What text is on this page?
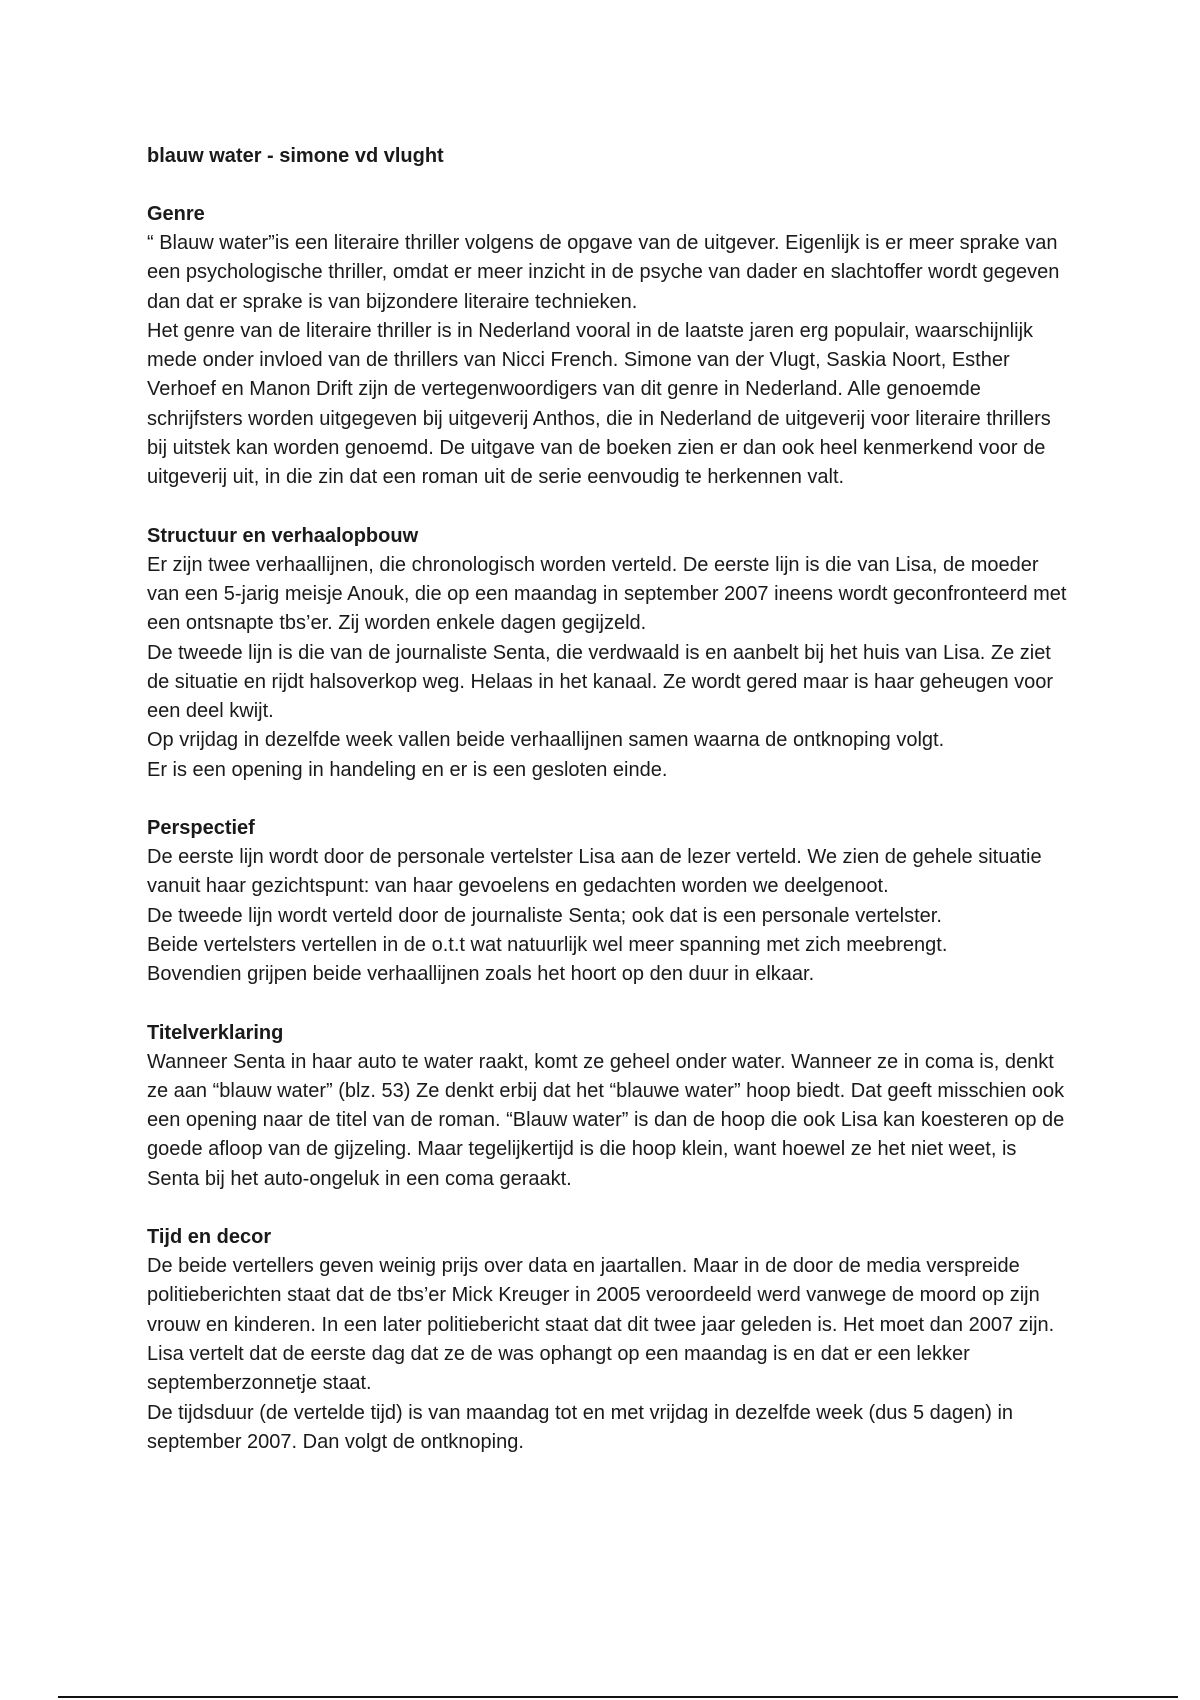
blauw water - simone vd vlught
Genre

“ Blauw water”is een literaire thriller volgens de opgave van de uitgever. Eigenlijk is er meer sprake van een psychologische thriller, omdat er meer inzicht in de psyche van dader en slachtoffer wordt gegeven dan dat er sprake is van bijzondere literaire technieken.

Het genre van de literaire thriller is in Nederland vooral in de laatste jaren erg populair, waarschijnlijk mede onder invloed van de thrillers van Nicci French. Simone van der Vlugt, Saskia Noort, Esther Verhoef en Manon Drift zijn de vertegenwoordigers van dit genre in Nederland. Alle genoemde schrijfsters worden uitgegeven bij uitgeverij Anthos, die in Nederland de uitgeverij voor literaire thrillers bij uitstek kan worden genoemd. De uitgave van de boeken zien er dan ook heel kenmerkend voor de uitgeverij uit, in die zin dat een roman uit de serie eenvoudig te herkennen valt.

Structuur en verhaalopbouw

Er zijn twee verhaallijnen, die chronologisch worden verteld. De eerste lijn is die van Lisa, de moeder van een 5-jarig meisje Anouk, die op een maandag in september 2007 ineens wordt geconfronteerd met een ontsnapte tbs’er. Zij worden enkele dagen gegijzeld.

De tweede lijn is die van de journaliste Senta, die verdwaald is en aanbelt bij het huis van Lisa. Ze ziet de situatie en rijdt halsoverkop weg. Helaas in het kanaal. Ze wordt gered maar is haar geheugen voor een deel kwijt.

Op vrijdag in dezelfde week vallen beide verhaallijnen samen waarna de ontknoping volgt.

Er is een opening in handeling en er is een gesloten einde.

Perspectief

De eerste lijn wordt door de personale vertelster Lisa aan de lezer verteld. We zien de gehele situatie vanuit haar gezichtspunt: van haar gevoelens en gedachten worden we deelgenoot.

De tweede lijn wordt verteld door de journaliste Senta; ook dat is een personale vertelster.

Beide vertelsters vertellen in de o.t.t wat natuurlijk wel meer spanning met zich meebrengt.

Bovendien grijpen beide verhaallijnen zoals het hoort op den duur in elkaar.

Titelverklaring

Wanneer Senta in haar auto te water raakt, komt ze geheel onder water. Wanneer ze in coma is, denkt ze aan “blauw water” (blz. 53) Ze denkt erbij dat het “blauwe water” hoop biedt. Dat geeft misschien ook een opening naar de titel van de roman. “Blauw water” is dan de hoop die ook Lisa kan koesteren op de goede afloop van de gijzeling. Maar tegelijkertijd is die hoop klein, want hoewel ze het niet weet, is Senta bij het auto-ongeluk in een coma geraakt.

Tijd en decor

De beide vertellers geven weinig prijs over data en jaartallen. Maar in de door de media verspreide politieberichten staat dat de tbs’er Mick Kreuger in 2005 veroordeeld werd vanwege de moord op zijn vrouw en kinderen. In een later politiebericht staat dat dit twee jaar geleden is. Het moet dan 2007 zijn. Lisa vertelt dat de eerste dag dat ze de was ophangt op een maandag is en dat er een lekker septemberzonnetje staat.

De tijdsduur (de vertelde tijd) is van maandag tot en met vrijdag in dezelfde week (dus 5 dagen) in september 2007. Dan volgt de ontknoping.
